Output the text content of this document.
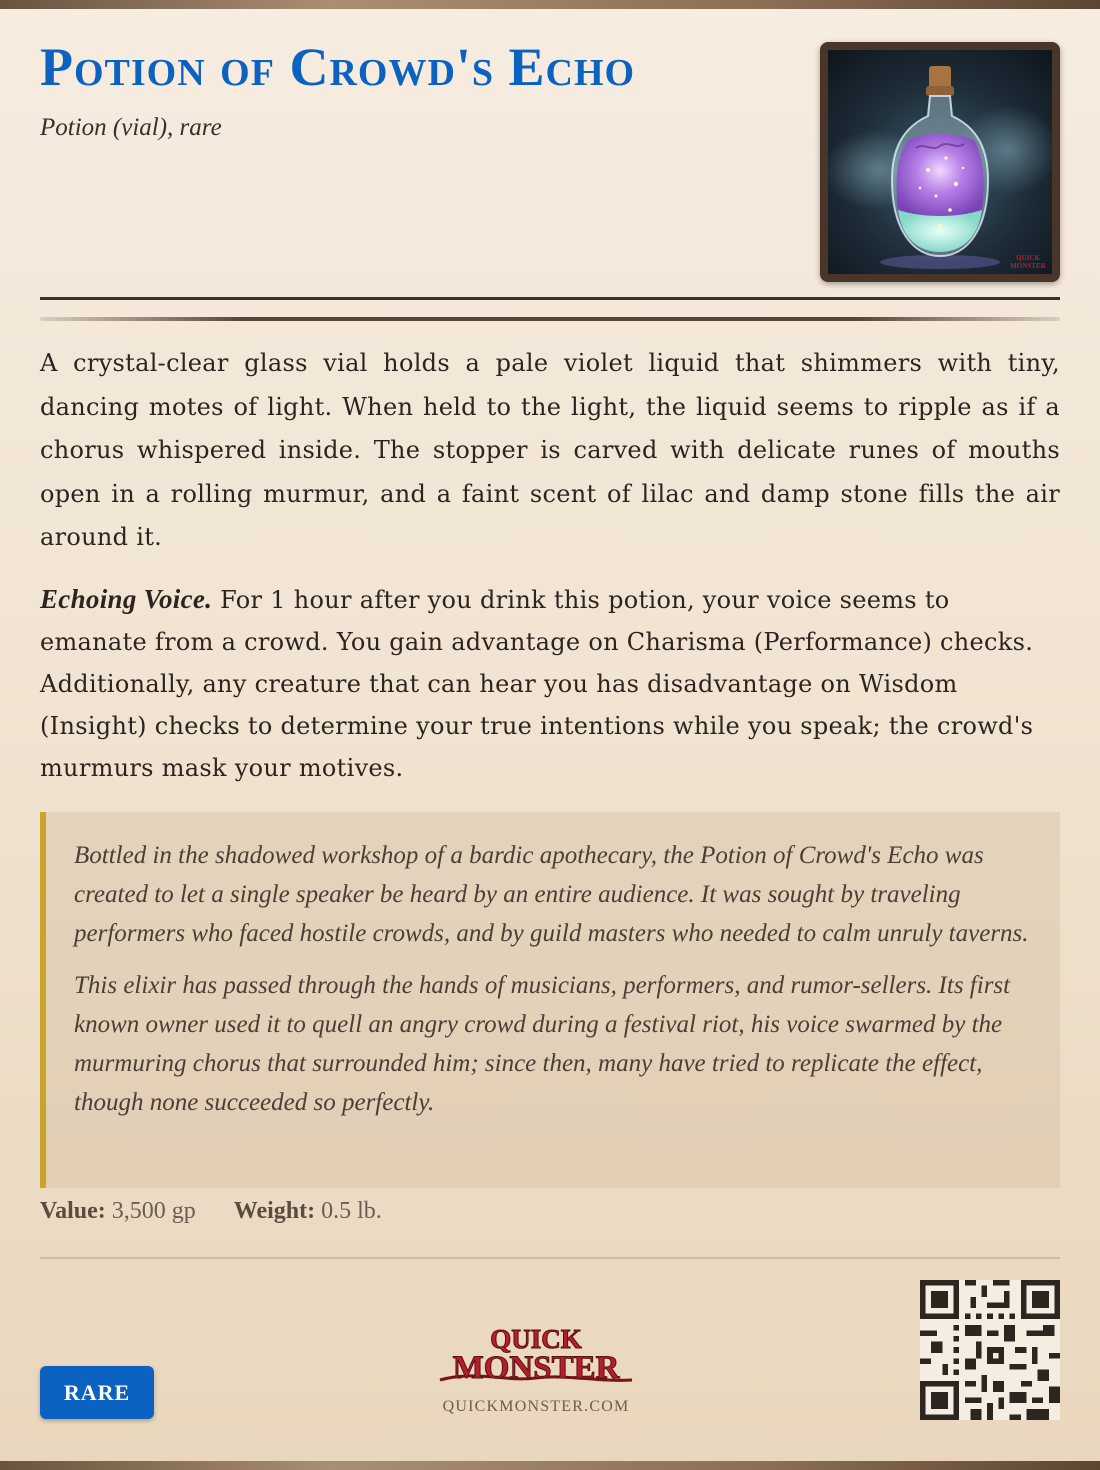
Potion of Crowd's Echo
Potion (vial), rare
QUICK
MONSTER

A crystal-clear glass vial holds a pale violet liquid that shimmers with tiny, dancing motes of light. When held to the light, the liquid seems to ripple as if a chorus whispered inside. The stopper is carved with delicate runes of mouths open in a rolling murmur, and a faint scent of lilac and damp stone fills the air around it.

Echoing Voice. For 1 hour after you drink this potion, your voice seems to emanate from a crowd. You gain advantage on Charisma (Performance) checks. Additionally, any creature that can hear you has disadvantage on Wisdom (Insight) checks to determine your true intentions while you speak; the crowd's murmurs mask your motives.

Bottled in the shadowed workshop of a bardic apothecary, the Potion of Crowd's Echo was created to let a single speaker be heard by an entire audience. It was sought by traveling performers who faced hostile crowds, and by guild masters who needed to calm unruly taverns.

This elixir has passed through the hands of musicians, performers, and rumor-sellers. Its first known owner used it to quell an angry crowd during a festival riot, his voice swarmed by the murmuring chorus that surrounded him; since then, many have tried to replicate the effect, though none succeeded so perfectly.

Value: 3,500 gp Weight: 0.5 lb.
RARE
QUICK
MONSTER
QUICKMONSTER.COM
